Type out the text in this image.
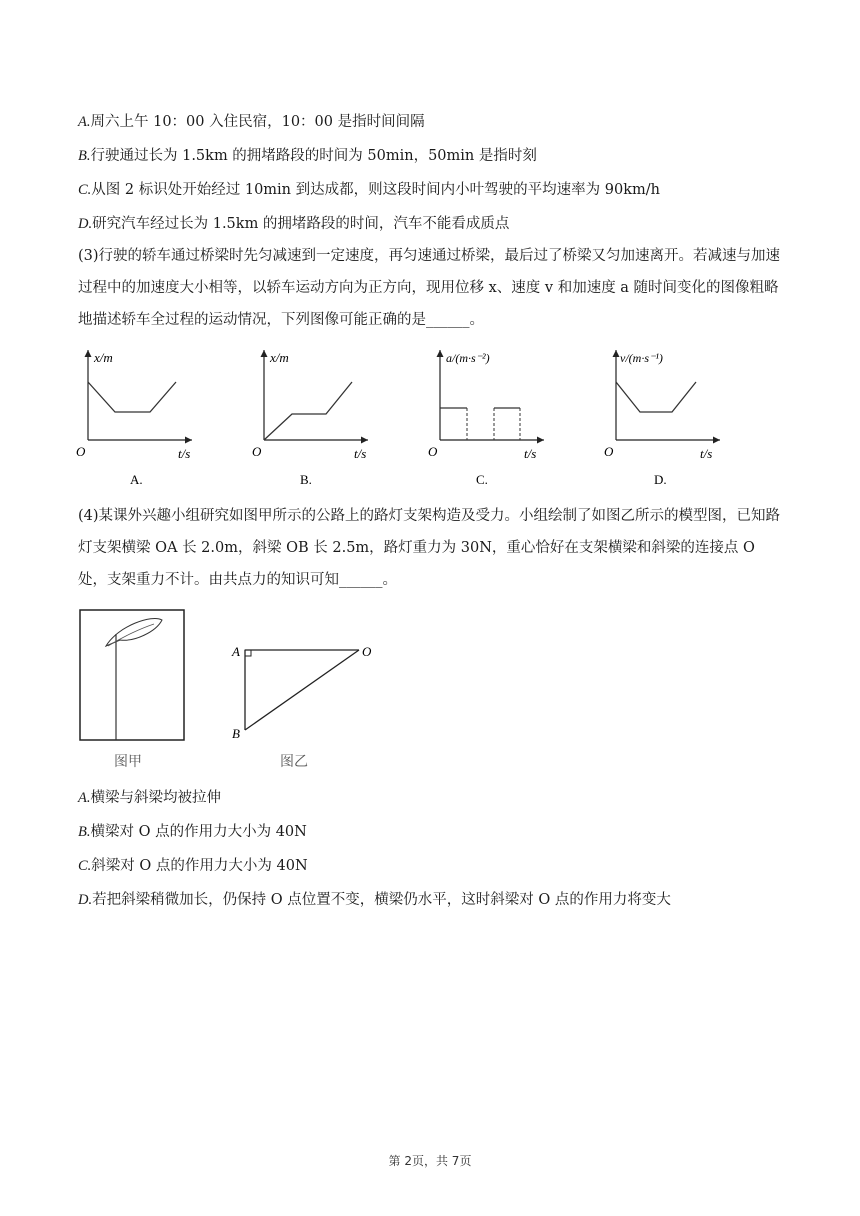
A.周六上午 10：00 入住民宿，10：00 是指时间间隔
B.行驶通过长为 1.5km 的拥堵路段的时间为 50min，50min 是指时刻
C.从图 2 标识处开始经过 10min 到达成都，则这段时间内小叶驾驶的平均速率为 90km/h
D.研究汽车经过长为 1.5km 的拥堵路段的时间，汽车不能看成质点
(3)行驶的轿车通过桥梁时先匀减速到一定速度，再匀速通过桥梁，最后过了桥梁又匀加速离开。若减速与加速过程中的加速度大小相等，以轿车运动方向为正方向，现用位移 x、速度 v 和加速度 a 随时间变化的图像粗略地描述轿车全过程的运动情况，下列图像可能正确的是______。
x/m
O	t/s
A.
x/m
O	t/s
B.
a/(m·s⁻²)
O	t/s
C.
v/(m·s⁻¹)
O	t/s
D.
(4)某课外兴趣小组研究如图甲所示的公路上的路灯支架构造及受力。小组绘制了如图乙所示的模型图，已知路灯支架横梁 OA 长 2.0m，斜梁 OB 长 2.5m，路灯重力为 30N，重心恰好在支架横梁和斜梁的连接点 O 处，支架重力不计。由共点力的知识可知______。
图甲
A
B
O
图乙
A.横梁与斜梁均被拉伸
B.横梁对 O 点的作用力大小为 40N
C.斜梁对 O 点的作用力大小为 40N
D.若把斜梁稍微加长，仍保持 O 点位置不变，横梁仍水平，这时斜梁对 O 点的作用力将变大
第 2页，共 7页
